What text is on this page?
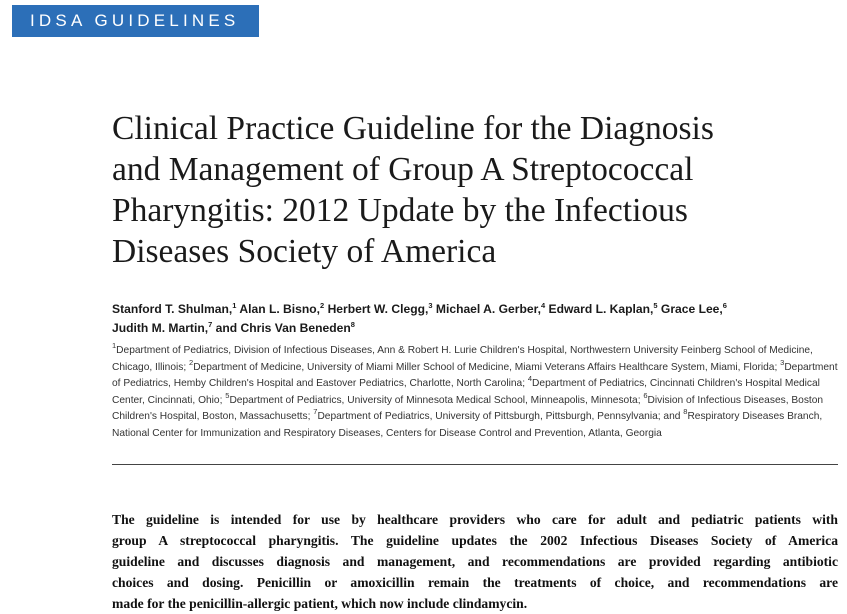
IDSA GUIDELINES
Clinical Practice Guideline for the Diagnosis
and Management of Group A Streptococcal
Pharyngitis: 2012 Update by the Infectious
Diseases Society of America
Stanford T. Shulman,$^1$ Alan L. Bisno,$^2$ Herbert W. Clegg,$^3$ Michael A. Gerber,$^4$ Edward L. Kaplan,$^5$ Grace Lee,$^6$
Judith M. Martin,$^7$ and Chris Van Beneden$^8$
$^1$Department of Pediatrics, Division of Infectious Diseases, Ann & Robert H. Lurie Children's Hospital, Northwestern University Feinberg School of Medicine, Chicago, Illinois; $^2$Department of Medicine, University of Miami Miller School of Medicine, Miami Veterans Affairs Healthcare System, Miami, Florida; $^3$Department of Pediatrics, Hemby Children's Hospital and Eastover Pediatrics, Charlotte, North Carolina; $^4$Department of Pediatrics, Cincinnati Children's Hospital Medical Center, Cincinnati, Ohio; $^5$Department of Pediatrics, University of Minnesota Medical School, Minneapolis, Minnesota; $^6$Division of Infectious Diseases, Boston Children's Hospital, Boston, Massachusetts; $^7$Department of Pediatrics, University of Pittsburgh, Pittsburgh, Pennsylvania; and $^8$Respiratory Diseases Branch, National Center for Immunization and Respiratory Diseases, Centers for Disease Control and Prevention, Atlanta, Georgia

The guideline is intended for use by healthcare providers who care for adult and pediatric patients with
group A streptococcal pharyngitis. The guideline updates the 2002 Infectious Diseases Society of America
guideline and discusses diagnosis and management, and recommendations are provided regarding antibiotic
choices and dosing. Penicillin or amoxicillin remain the treatments of choice, and recommendations are
made for the penicillin-allergic patient, which now include clindamycin.
